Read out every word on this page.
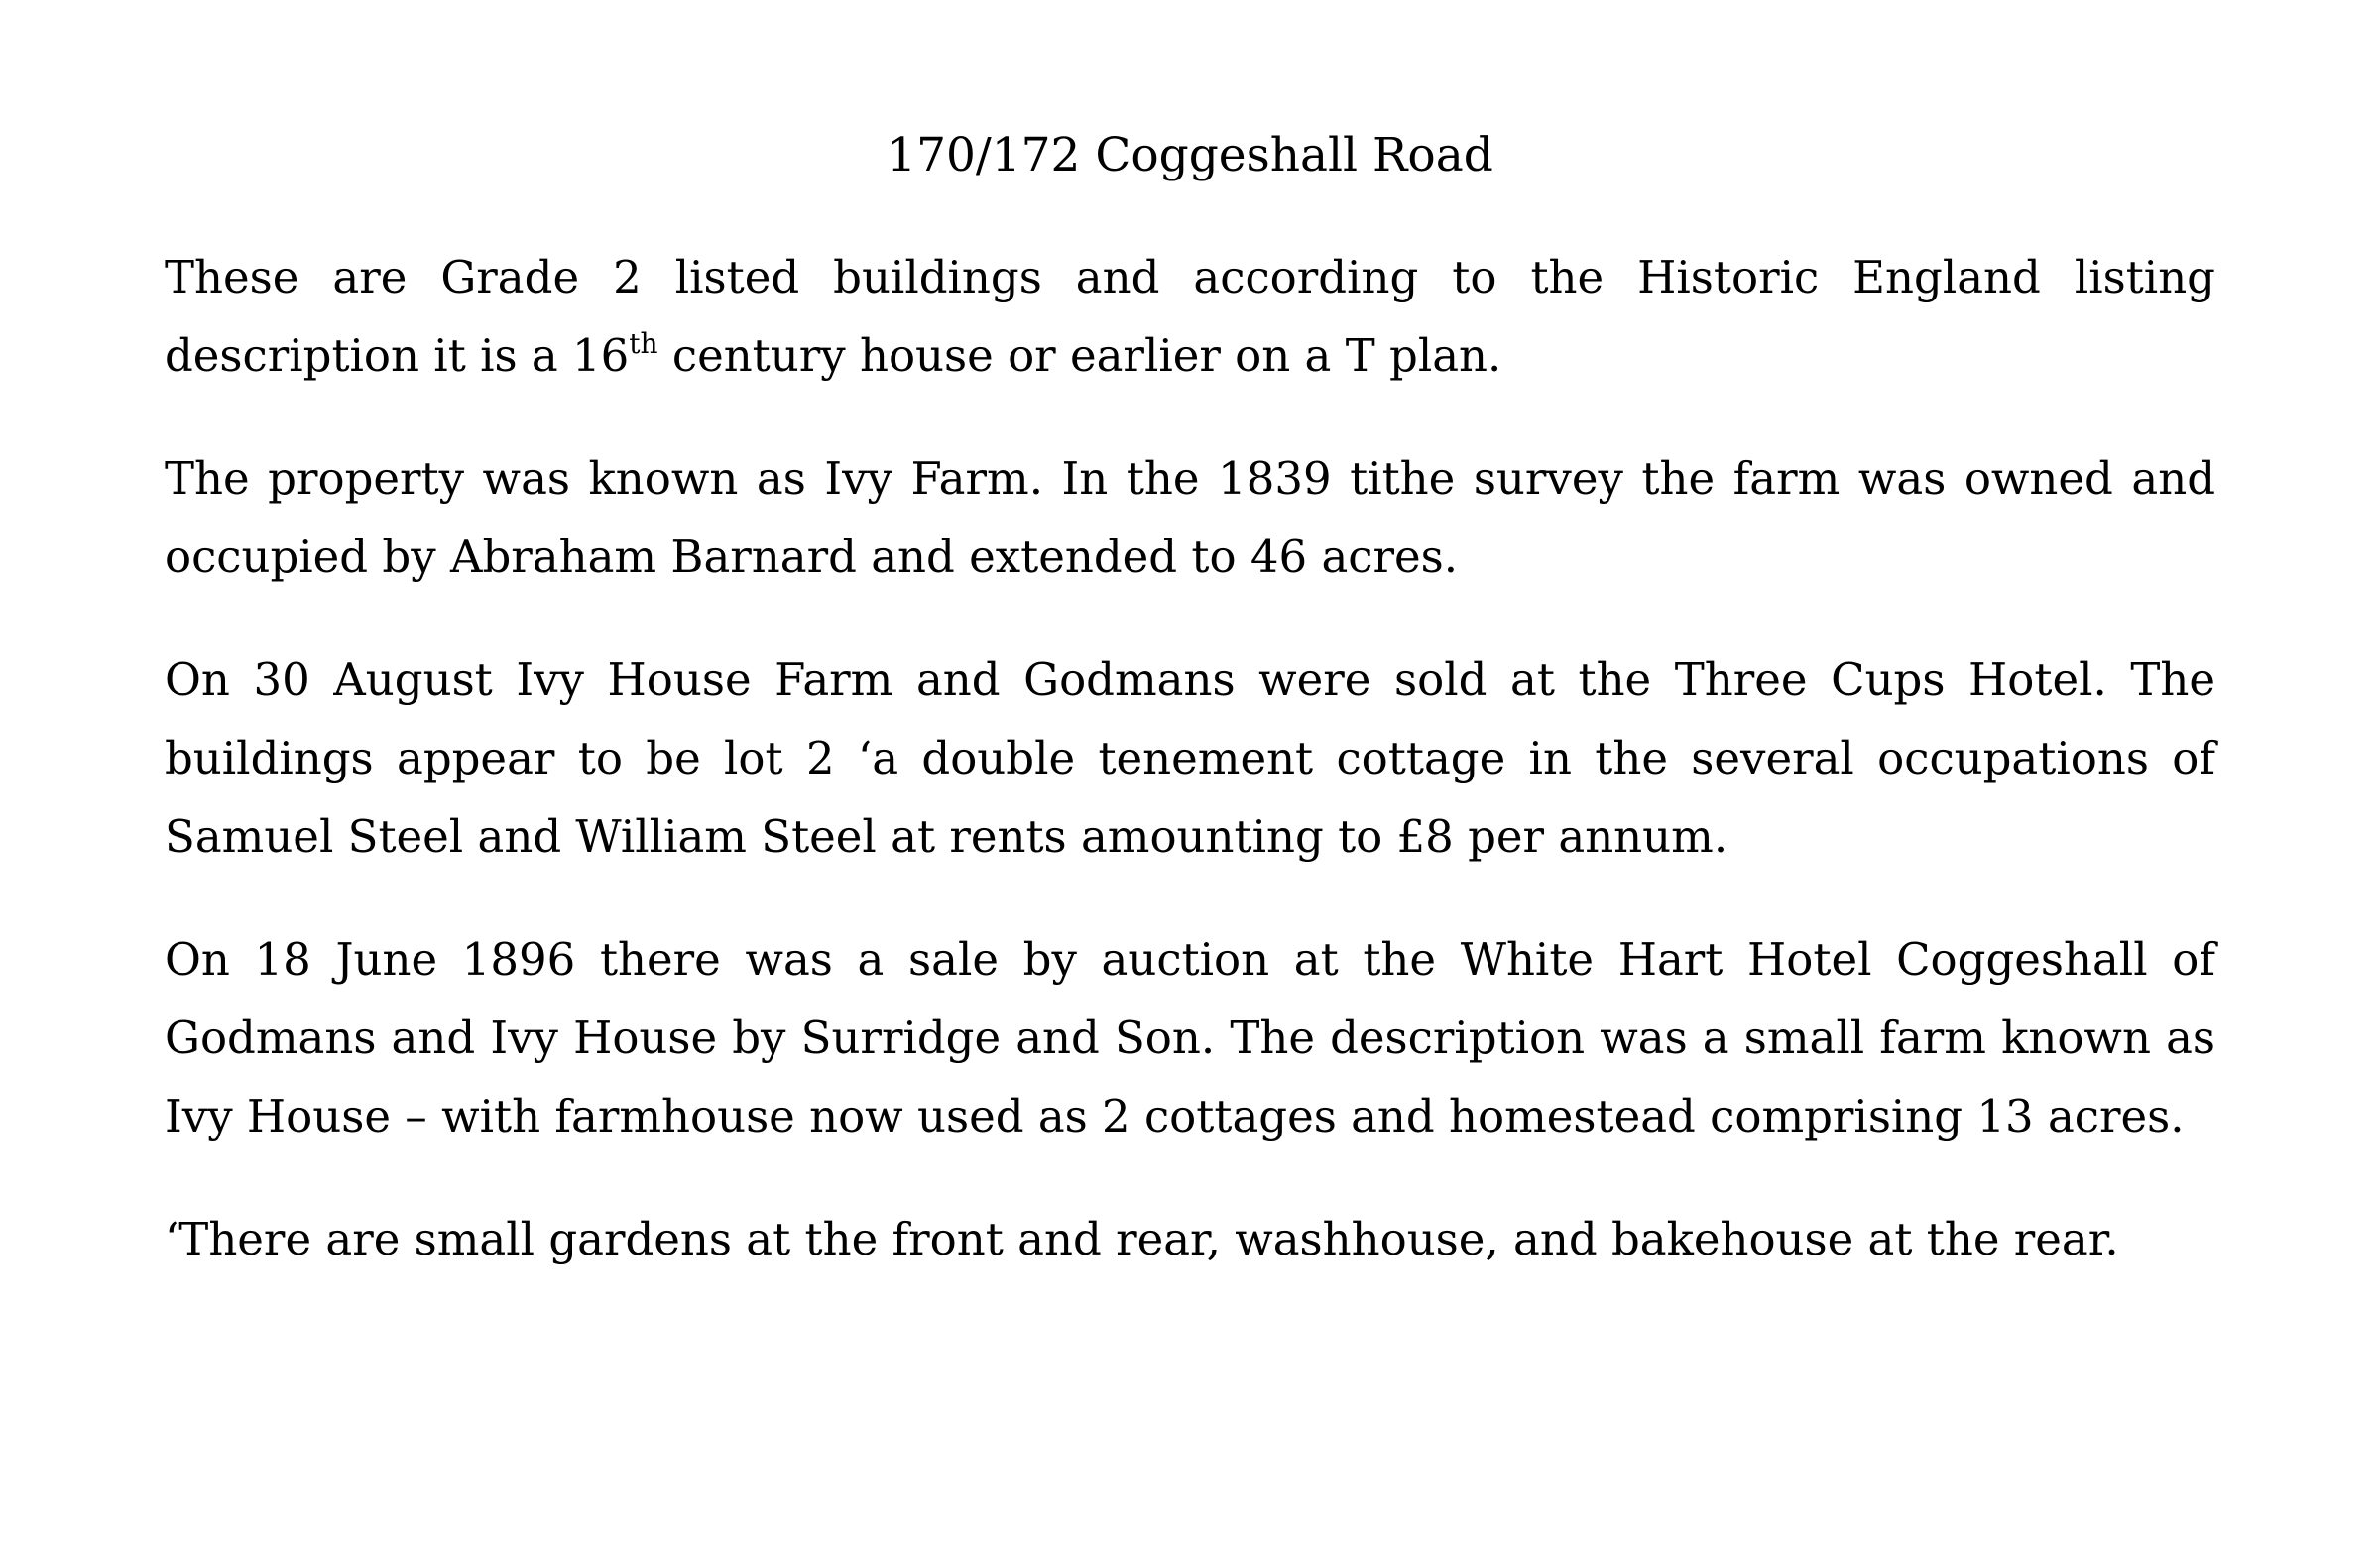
170/172 Coggeshall Road

These are Grade 2 listed buildings and according to the Historic England listing description it is a 16th century house or earlier on a T plan.

The property was known as Ivy Farm. In the 1839 tithe survey the farm was owned and occupied by Abraham Barnard and extended to 46 acres.

On 30 August Ivy House Farm and Godmans were sold at the Three Cups Hotel. The buildings appear to be lot 2 ‘a double tenement cottage in the several occupations of Samuel Steel and William Steel at rents amounting to £8 per annum.

On 18 June 1896 there was a sale by auction at the White Hart Hotel Coggeshall of Godmans and Ivy House by Surridge and Son. The description was a small farm known as Ivy House – with farmhouse now used as 2 cottages and homestead comprising 13 acres.

‘There are small gardens at the front and rear, washhouse, and bakehouse at the rear.
